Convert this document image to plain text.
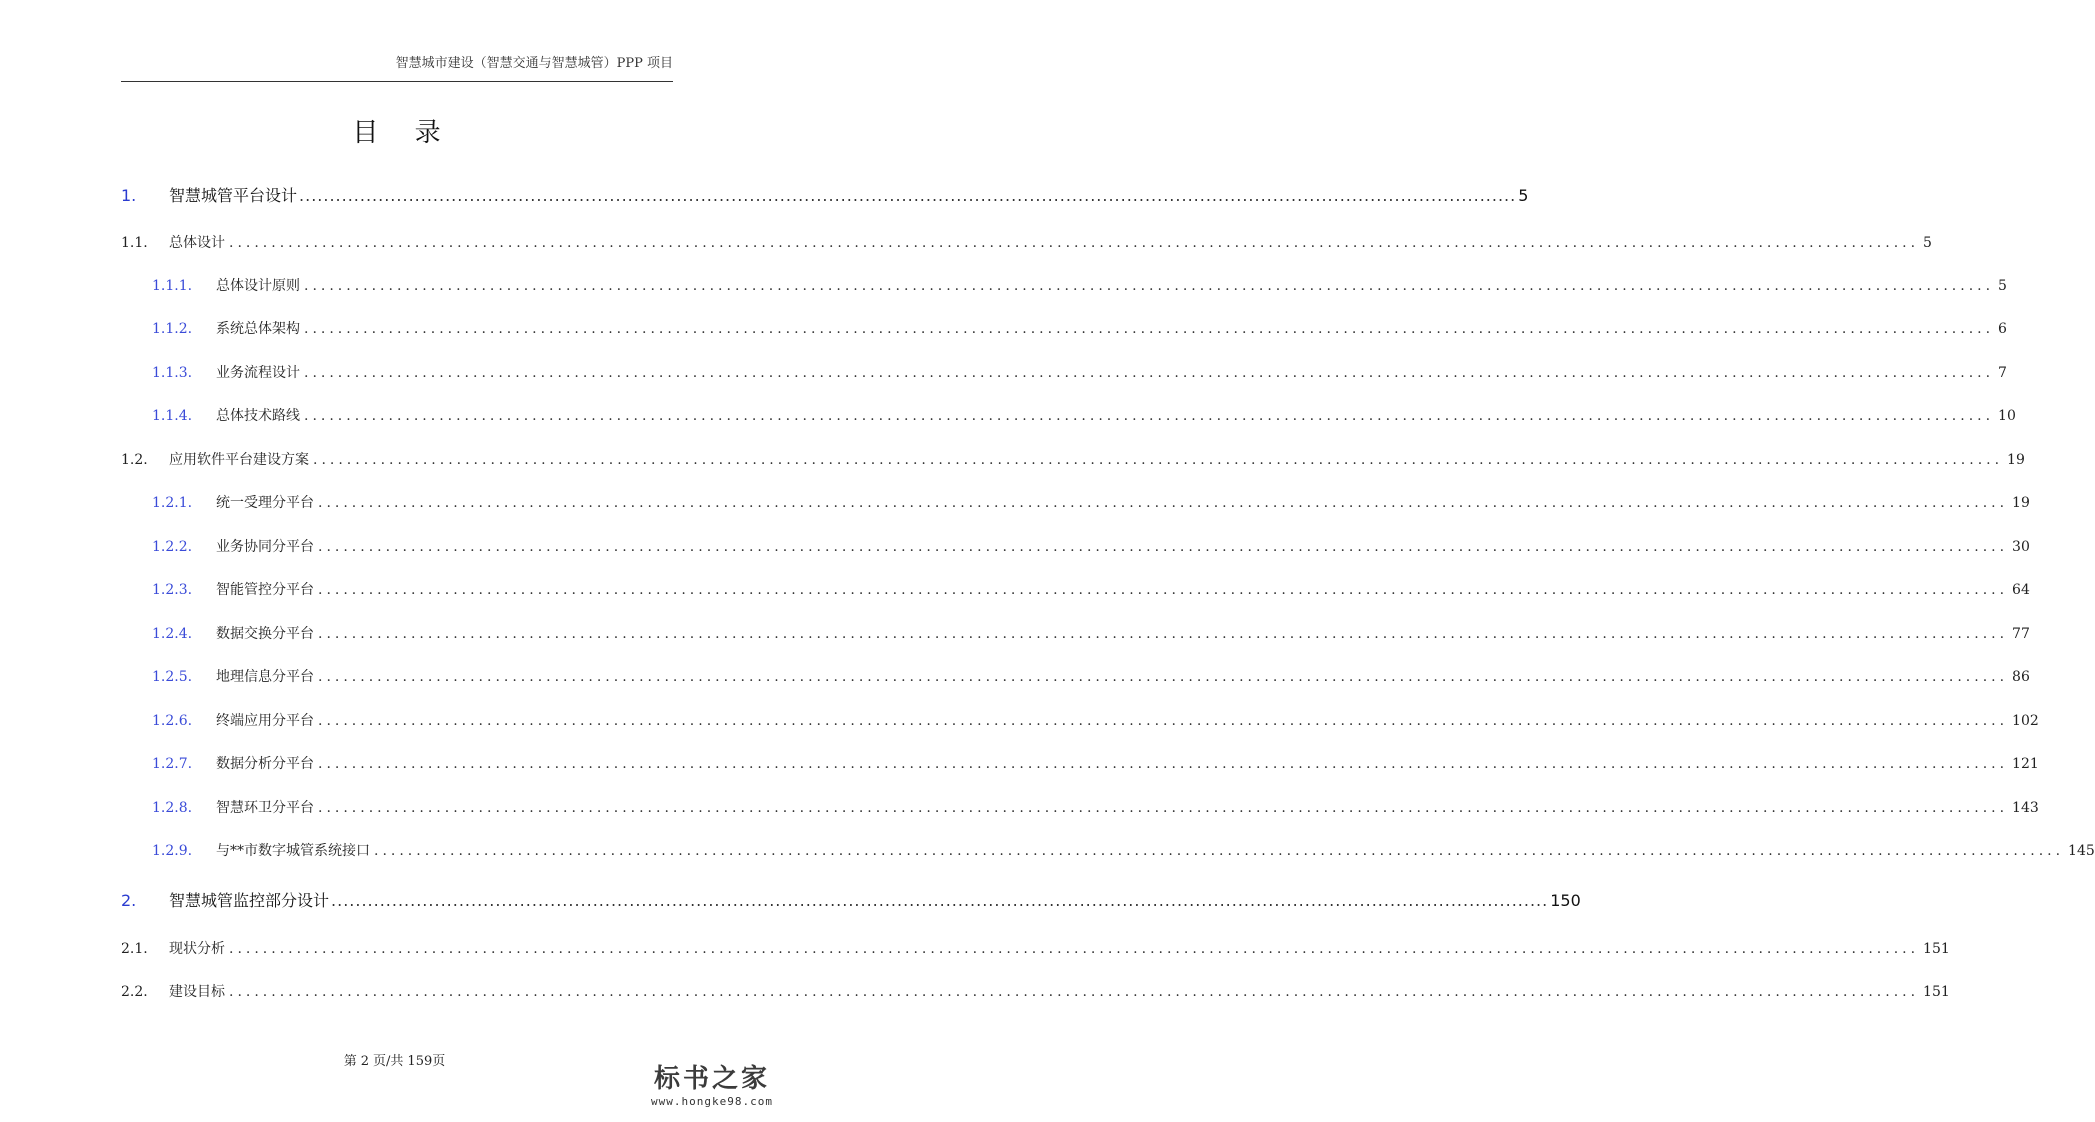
智慧城市建设（智慧交通与智慧城管）PPP 项目
目 录
1.	智慧城管平台设计 ........................................................................................................................................................................................................ 5
1.1.	总体设计 ........................................................................................................................................................................................................ 5
1.1.1.	总体设计原则 ........................................................................................................................................................................................................ 5
1.1.2.	系统总体架构 ........................................................................................................................................................................................................ 6
1.1.3.	业务流程设计 ........................................................................................................................................................................................................ 7
1.1.4.	总体技术路线 ........................................................................................................................................................................................................ 10
1.2.	应用软件平台建设方案 ........................................................................................................................................................................................................ 19
1.2.1.	统一受理分平台 ........................................................................................................................................................................................................ 19
1.2.2.	业务协同分平台 ........................................................................................................................................................................................................ 30
1.2.3.	智能管控分平台 ........................................................................................................................................................................................................ 64
1.2.4.	数据交换分平台 ........................................................................................................................................................................................................ 77
1.2.5.	地理信息分平台 ........................................................................................................................................................................................................ 86
1.2.6.	终端应用分平台 ........................................................................................................................................................................................................ 102
1.2.7.	数据分析分平台 ........................................................................................................................................................................................................ 121
1.2.8.	智慧环卫分平台 ........................................................................................................................................................................................................ 143
1.2.9.	与**市数字城管系统接口 ........................................................................................................................................................................................................ 145
2.	智慧城管监控部分设计 ........................................................................................................................................................................................................ 150
2.1.	现状分析 ........................................................................................................................................................................................................ 151
2.2.	建设目标 ........................................................................................................................................................................................................ 151
第 2 页/共 159页
标书之家
www.hongke98.com
